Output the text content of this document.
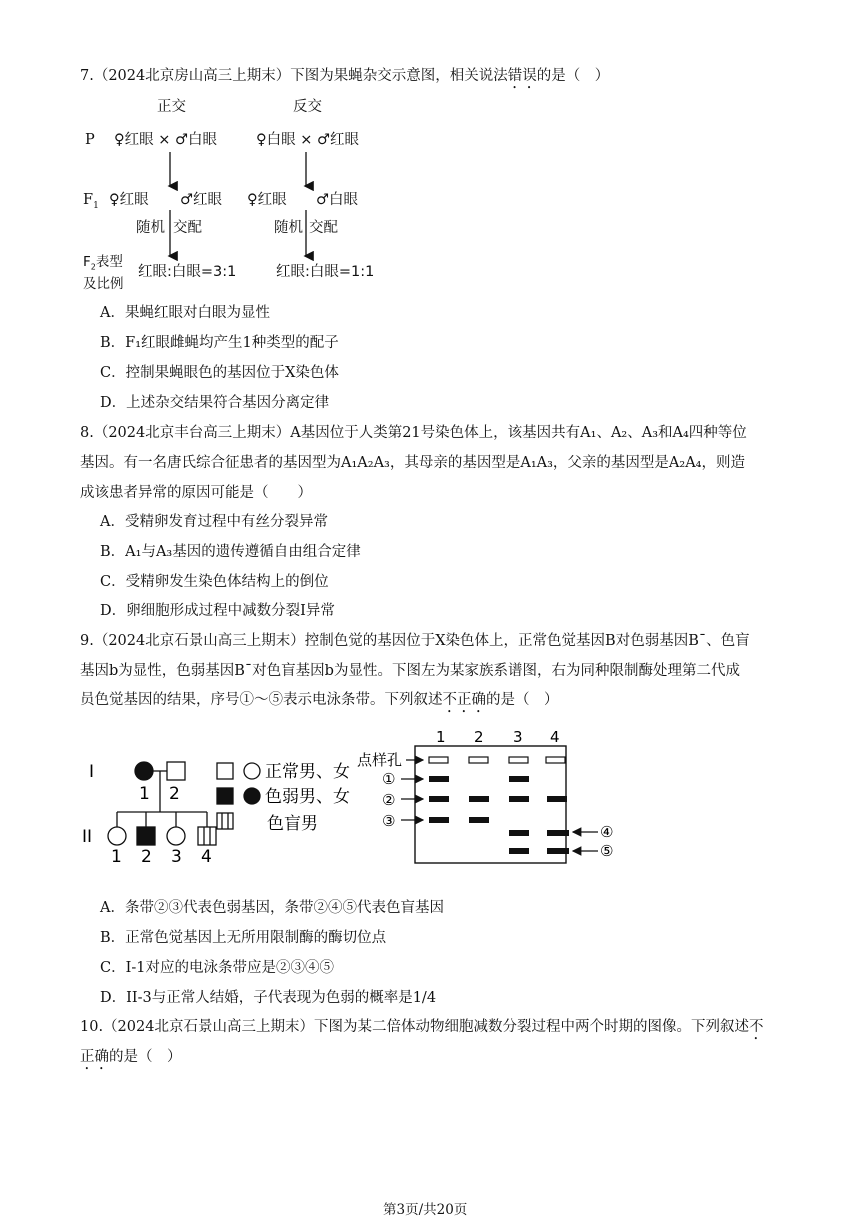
7.（2024北京房山高三上期末）下图为果蝇杂交示意图，相关说法错误的是（　）
正交	反交
P ♀红眼 × ♂白眼	♀白眼 × ♂红眼
$F_1$ ♀红眼 ♂红眼 ♀红眼 ♂白眼
随机 交配	随机 交配
$F_2$表型
及比例
红眼:白眼=3:1	红眼:白眼=1:1
A．果蝇红眼对白眼为显性
B．F₁红眼雌蝇均产生1种类型的配子
C．控制果蝇眼色的基因位于X染色体
D．上述杂交结果符合基因分离定律
8.（2024北京丰台高三上期末）A基因位于人类第21号染色体上，该基因共有A₁、A₂、A₃和A₄四种等位
基因。有一名唐氏综合征患者的基因型为A₁A₂A₃，其母亲的基因型是A₁A₃，父亲的基因型是A₂A₄，则造
成该患者异常的原因可能是（　　）
A．受精卵发育过程中有丝分裂异常
B．A₁与A₃基因的遗传遵循自由组合定律
C．受精卵发生染色体结构上的倒位
D．卵细胞形成过程中减数分裂Ⅰ异常
9.（2024北京石景山高三上期末）控制色觉的基因位于X染色体上，正常色觉基因B对色弱基因Bˉ、色盲
基因b为显性，色弱基因Bˉ对色盲基因b为显性。下图左为某家族系谱图，右为同种限制酶处理第二代成
员色觉基因的结果，序号①～⑤表示电泳条带。下列叙述不正确的是（　）
I
1 2
II
1 2 3 4
正常男、女
色弱男、女
色盲男
1 2 3 4
点样孔
①
②
③
④
⑤
A．条带②③代表色弱基因，条带②④⑤代表色盲基因
B．正常色觉基因上无所用限制酶的酶切位点
C．I-1对应的电泳条带应是②③④⑤
D．II-3与正常人结婚，子代表现为色弱的概率是1/4
10.（2024北京石景山高三上期末）下图为某二倍体动物细胞减数分裂过程中两个时期的图像。下列叙述不
正确的是（　）
第3页/共20页
